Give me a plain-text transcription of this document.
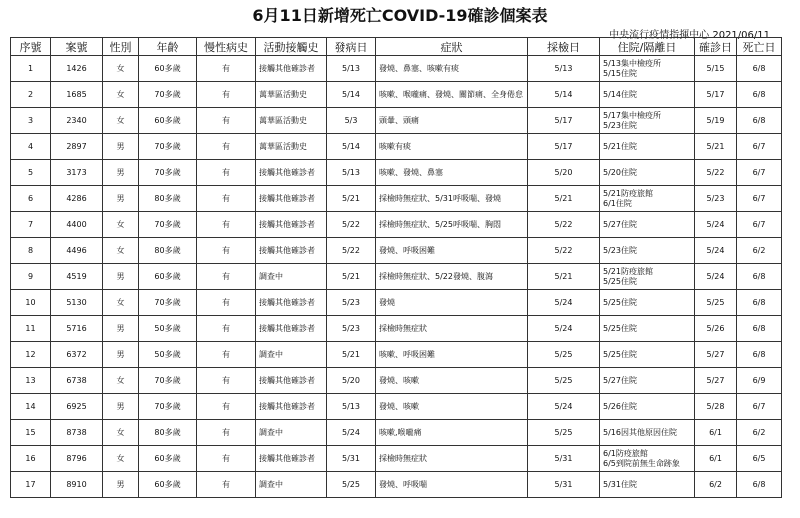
6月11日新增死亡COVID-19確診個案表
中央流行疫情指揮中心 2021/06/11
序號	案號	性別	年齡	慢性病史	活動接觸史	發病日	症狀	採檢日	住院/隔離日	確診日	死亡日

1	1426	女	60多歲	有	接觸其他確診者	5/13	發燒、鼻塞、咳嗽有痰	5/13	5/13集中檢疫所
5/15住院	5/15	6/8

2	1685	女	70多歲	有	萬華區活動史	5/14	咳嗽、喉嚨痛、發燒、關節痛、全身倦怠	5/14	5/14住院	5/17	6/8

3	2340	女	60多歲	有	萬華區活動史	5/3	頭暈、頭痛	5/17	5/17集中檢疫所
5/23住院	5/19	6/8

4	2897	男	70多歲	有	萬華區活動史	5/14	咳嗽有痰	5/17	5/21住院	5/21	6/7

5	3173	男	70多歲	有	接觸其他確診者	5/13	咳嗽、發燒、鼻塞	5/20	5/20住院	5/22	6/7

6	4286	男	80多歲	有	接觸其他確診者	5/21	採檢時無症狀、5/31呼吸喘、發燒	5/21	5/21防疫旅館
6/1住院	5/23	6/7

7	4400	女	70多歲	有	接觸其他確診者	5/22	採檢時無症狀、5/25呼吸喘、胸悶	5/22	5/27住院	5/24	6/7

8	4496	女	80多歲	有	接觸其他確診者	5/22	發燒、呼吸困難	5/22	5/23住院	5/24	6/2

9	4519	男	60多歲	有	調查中	5/21	採檢時無症狀、5/22發燒、腹瀉	5/21	5/21防疫旅館
5/25住院	5/24	6/8

10	5130	女	70多歲	有	接觸其他確診者	5/23	發燒	5/24	5/25住院	5/25	6/8

11	5716	男	50多歲	有	接觸其他確診者	5/23	採檢時無症狀	5/24	5/25住院	5/26	6/8

12	6372	男	50多歲	有	調查中	5/21	咳嗽、呼吸困難	5/25	5/25住院	5/27	6/8

13	6738	女	70多歲	有	接觸其他確診者	5/20	發燒、咳嗽	5/25	5/27住院	5/27	6/9

14	6925	男	70多歲	有	接觸其他確診者	5/13	發燒、咳嗽	5/24	5/26住院	5/28	6/7

15	8738	女	80多歲	有	調查中	5/24	咳嗽,喉嚨痛	5/25	5/16因其他原因住院	6/1	6/2

16	8796	女	60多歲	有	接觸其他確診者	5/31	採檢時無症狀	5/31	6/1防疫旅館
6/5到院前無生命跡象	6/1	6/5

17	8910	男	60多歲	有	調查中	5/25	發燒、呼吸喘	5/31	5/31住院	6/2	6/8
